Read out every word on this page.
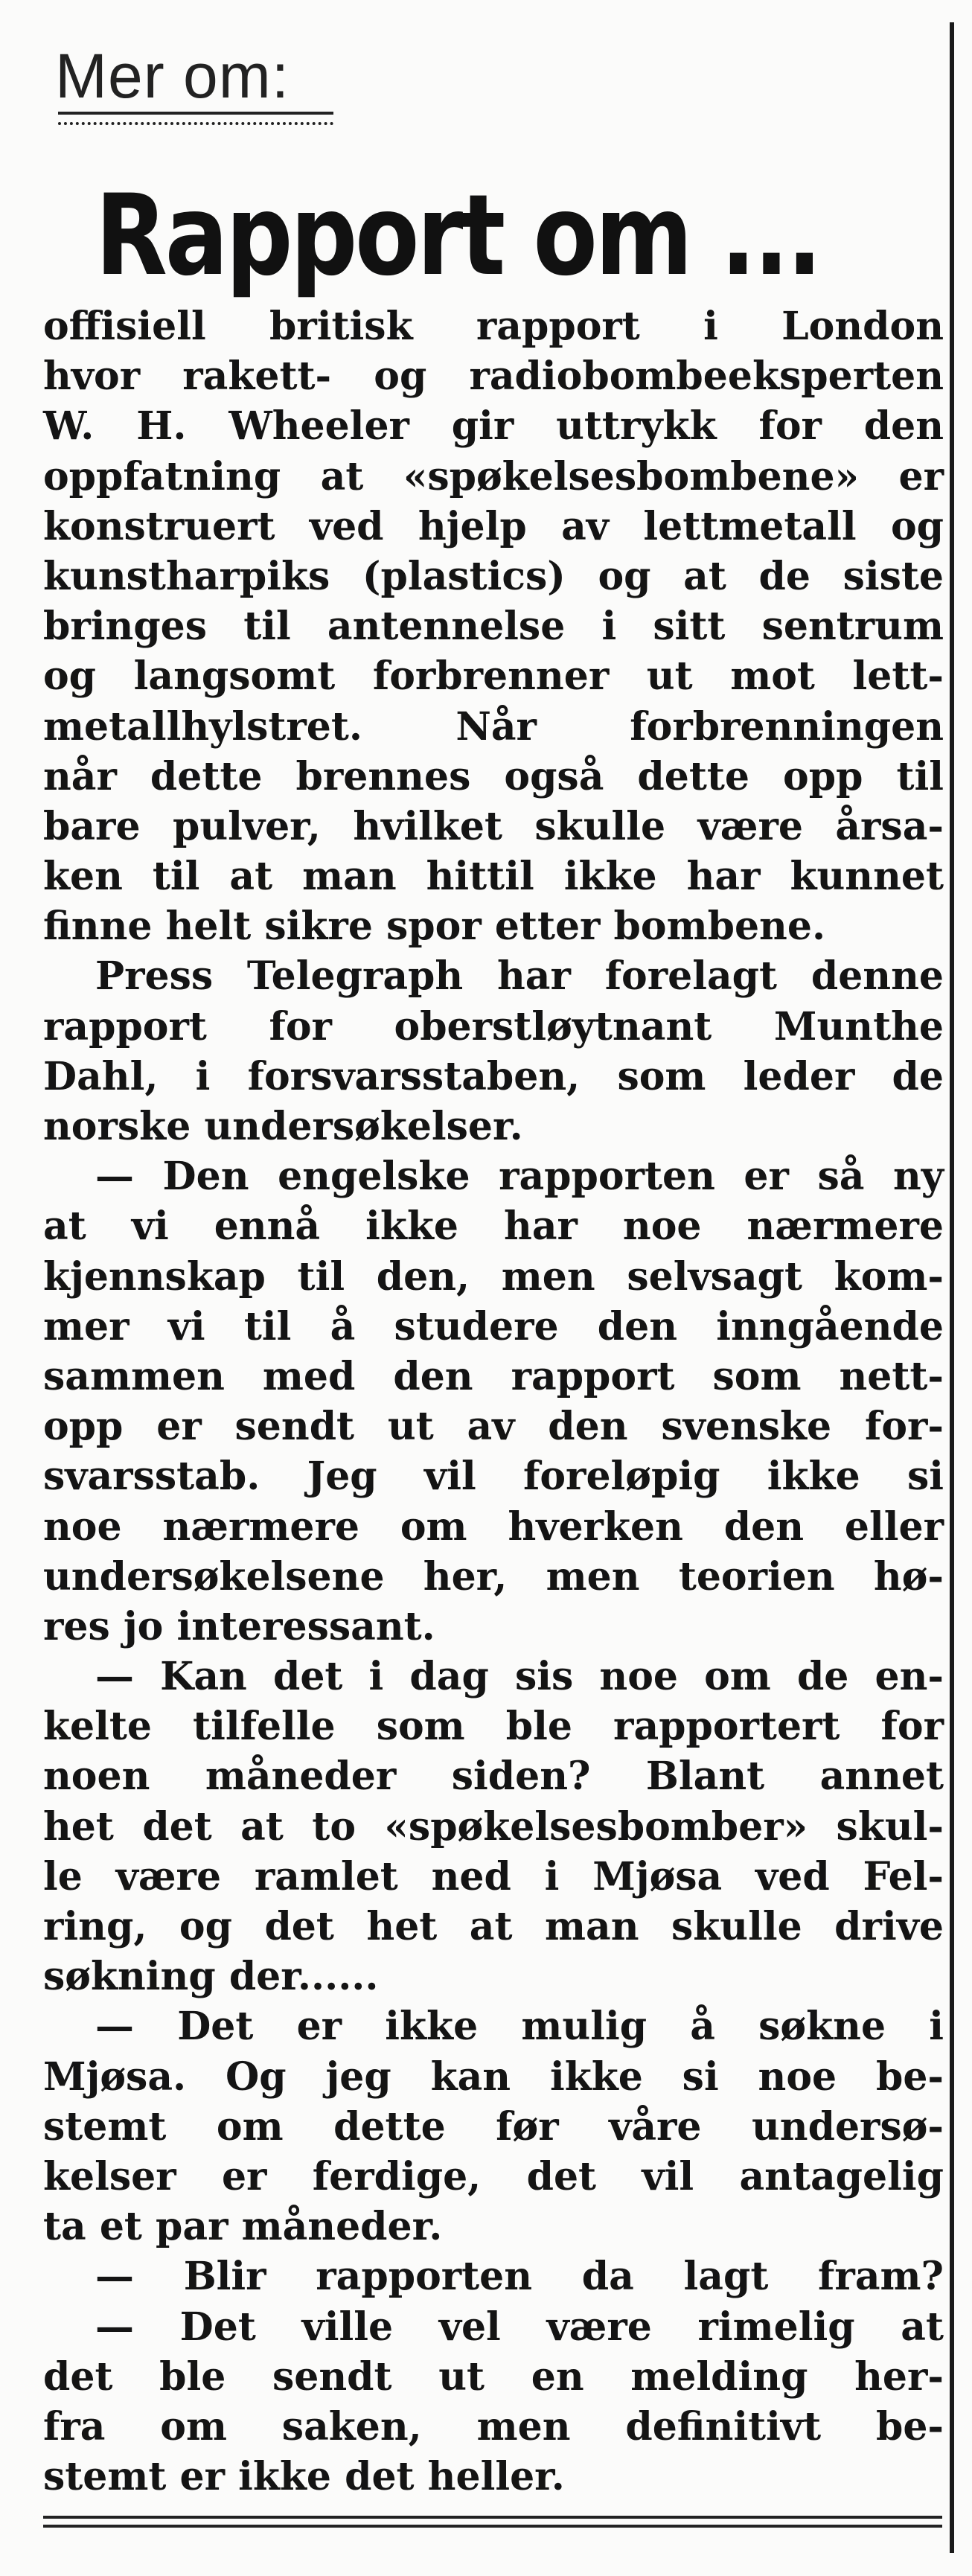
Mer om:
Rapport om ...
offisiell britisk rapport i London
hvor rakett- og radiobombeeksperten
W. H. Wheeler gir uttrykk for den
oppfatning at «spøkelsesbombene» er
konstruert ved hjelp av lettmetall og
kunstharpiks (plastics) og at de siste
bringes til antennelse i sitt sentrum
og langsomt forbrenner ut mot lett-
metallhylstret. Når forbrenningen
når dette brennes også dette opp til
bare pulver, hvilket skulle være årsa-
ken til at man hittil ikke har kunnet
finne helt sikre spor etter bombene.
Press Telegraph har forelagt denne
rapport for oberstløytnant Munthe
Dahl, i forsvarsstaben, som leder de
norske undersøkelser.
— Den engelske rapporten er så ny
at vi ennå ikke har noe nærmere
kjennskap til den, men selvsagt kom-
mer vi til å studere den inngående
sammen med den rapport som nett-
opp er sendt ut av den svenske for-
svarsstab. Jeg vil foreløpig ikke si
noe nærmere om hverken den eller
undersøkelsene her, men teorien hø-
res jo interessant.
— Kan det i dag sis noe om de en-
kelte tilfelle som ble rapportert for
noen måneder siden? Blant annet
het det at to «spøkelsesbomber» skul-
le være ramlet ned i Mjøsa ved Fel-
ring, og det het at man skulle drive
søkning der......
— Det er ikke mulig å søkne i
Mjøsa. Og jeg kan ikke si noe be-
stemt om dette før våre undersø-
kelser er ferdige, det vil antagelig
ta et par måneder.
— Blir rapporten da lagt fram?
— Det ville vel være rimelig at
det ble sendt ut en melding her-
fra om saken, men definitivt be-
stemt er ikke det heller.
